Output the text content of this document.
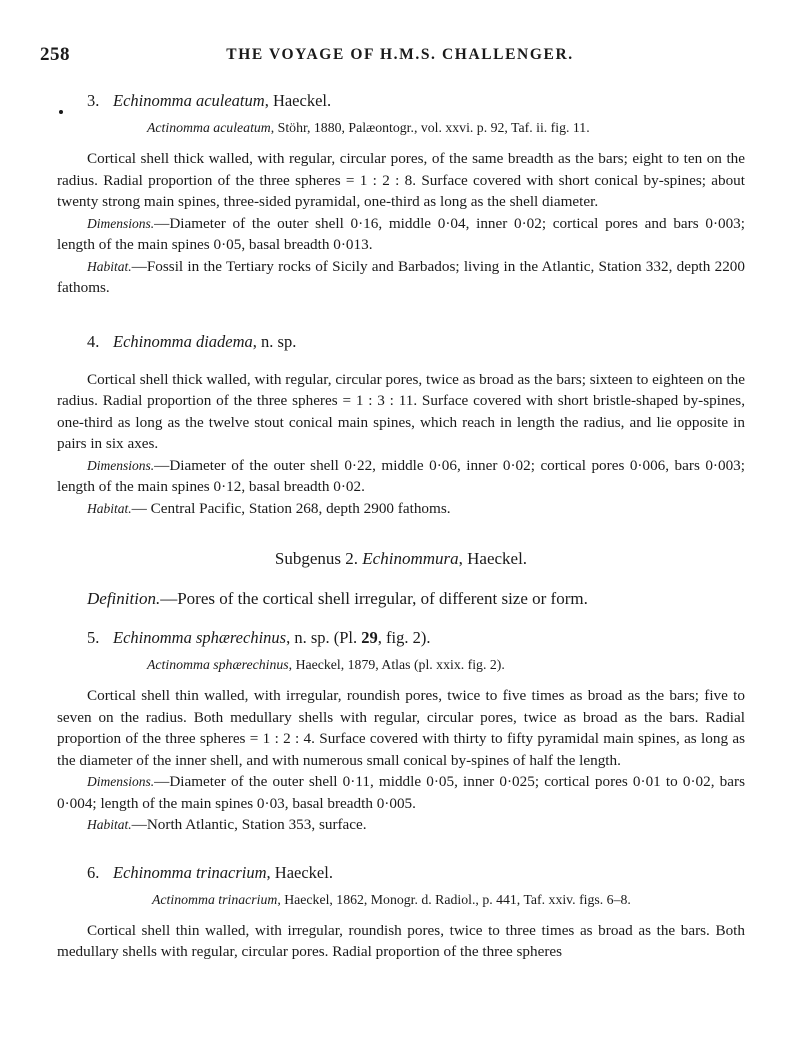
258	THE VOYAGE OF H.M.S. CHALLENGER.
3. Echinomma aculeatum, Haeckel.
Actinomma aculeatum, Stöhr, 1880, Palæontogr., vol. xxvi. p. 92, Taf. ii. fig. 11.

Cortical shell thick walled, with regular, circular pores, of the same breadth as the bars; eight to ten on the radius. Radial proportion of the three spheres = 1 : 2 : 8. Surface covered with short conical by-spines; about twenty strong main spines, three-sided pyramidal, one-third as long as the shell diameter.

Dimensions.—Diameter of the outer shell 0·16, middle 0·04, inner 0·02; cortical pores and bars 0·003; length of the main spines 0·05, basal breadth 0·013.

Habitat.—Fossil in the Tertiary rocks of Sicily and Barbados; living in the Atlantic, Station 332, depth 2200 fathoms.

4. Echinomma diadema, n. sp.

Cortical shell thick walled, with regular, circular pores, twice as broad as the bars; sixteen to eighteen on the radius. Radial proportion of the three spheres = 1 : 3 : 11. Surface covered with short bristle-shaped by-spines, one-third as long as the twelve stout conical main spines, which reach in length the radius, and lie opposite in pairs in six axes.

Dimensions.—Diameter of the outer shell 0·22, middle 0·06, inner 0·02; cortical pores 0·006, bars 0·003; length of the main spines 0·12, basal breadth 0·02.

Habitat.— Central Pacific, Station 268, depth 2900 fathoms.

Subgenus 2. Echinommura, Haeckel.
Definition.—Pores of the cortical shell irregular, of different size or form.
5. Echinomma sphærechinus, n. sp. (Pl. 29, fig. 2).
Actinomma sphærechinus, Haeckel, 1879, Atlas (pl. xxix. fig. 2).

Cortical shell thin walled, with irregular, roundish pores, twice to five times as broad as the bars; five to seven on the radius. Both medullary shells with regular, circular pores, twice as broad as the bars. Radial proportion of the three spheres = 1 : 2 : 4. Surface covered with thirty to fifty pyramidal main spines, as long as the diameter of the inner shell, and with numerous small conical by-spines of half the length.

Dimensions.—Diameter of the outer shell 0·11, middle 0·05, inner 0·025; cortical pores 0·01 to 0·02, bars 0·004; length of the main spines 0·03, basal breadth 0·005.

Habitat.—North Atlantic, Station 353, surface.

6. Echinomma trinacrium, Haeckel.
Actinomma trinacrium, Haeckel, 1862, Monogr. d. Radiol., p. 441, Taf. xxiv. figs. 6–8.

Cortical shell thin walled, with irregular, roundish pores, twice to three times as broad as the bars. Both medullary shells with regular, circular pores. Radial proportion of the three spheres
